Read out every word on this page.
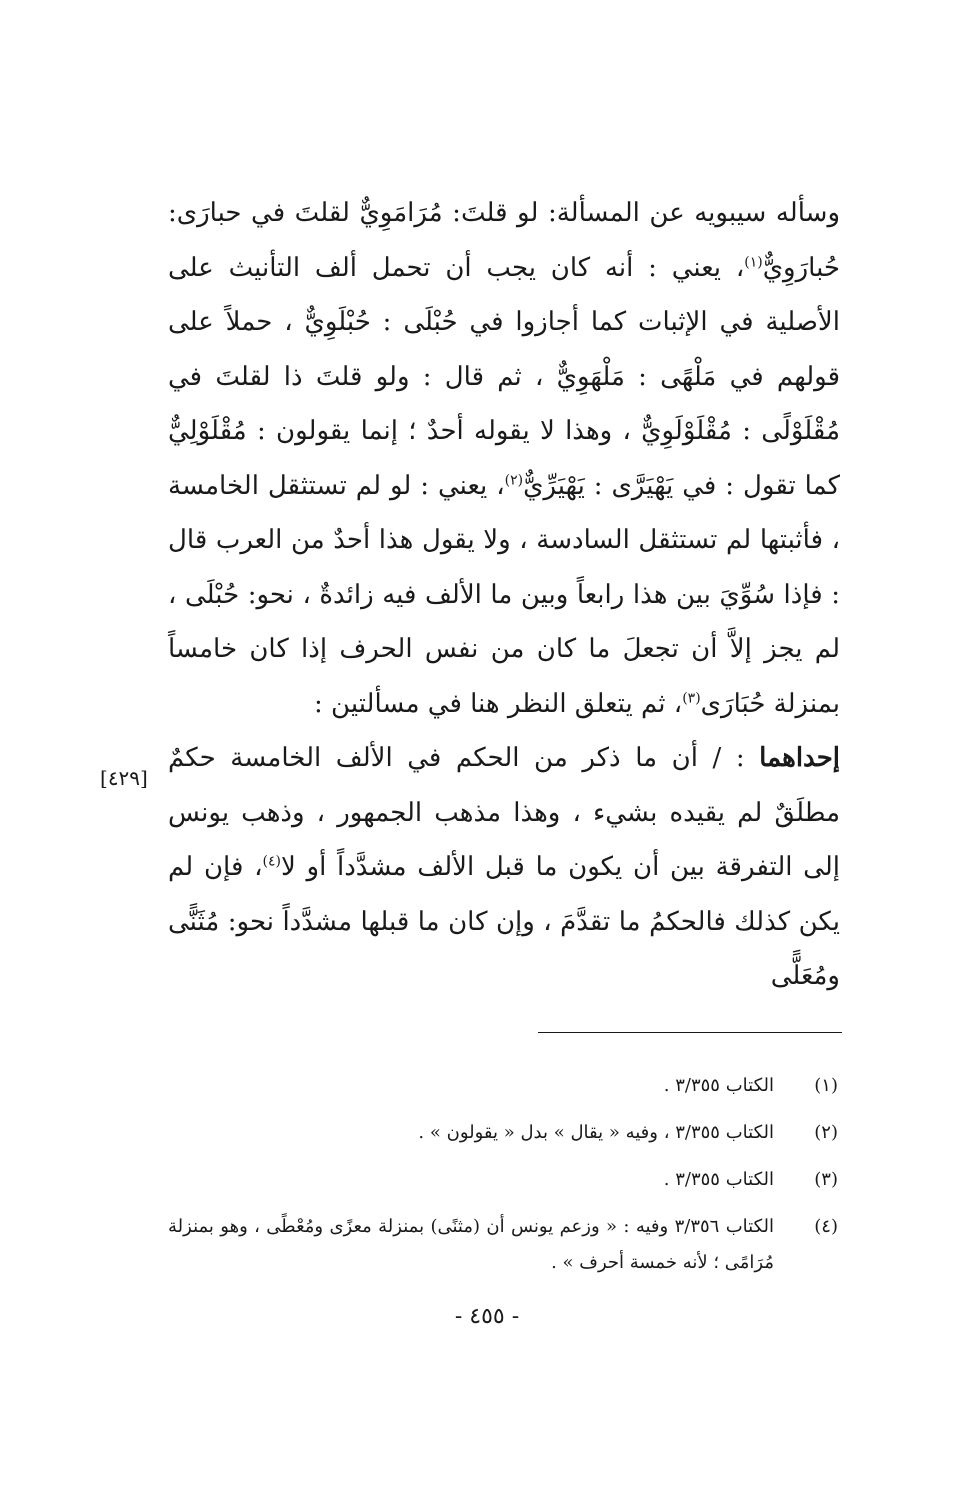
وسأله سيبويه عن المسألة: لو قلتَ: مُرَامَوِيٌّ لقلتَ في حبارَى: حُبارَوِيٌّ$^{(١)}$، يعني : أنه كان يجب أن تحمل ألف التأنيث على الأصلية في الإثبات كما أجازوا في حُبْلَى : حُبْلَوِيٌّ ، حملاً على قولهم في مَلْهًى : مَلْهَوِيٌّ ، ثم قال : ولو قلتَ ذا لقلتَ في مُقْلَوْلًى : مُقْلَوْلَوِيٌّ ، وهذا لا يقوله أحدٌ ؛ إنما يقولون : مُقْلَوْلِيٌّ كما تقول : في يَهْيَرَّى : يَهْيَرِّيٌّ$^{(٢)}$، يعني : لو لم تستثقل الخامسة ، فأثبتها لم تستثقل السادسة ، ولا يقول هذا أحدٌ من العرب قال : فإذا سُوِّيَ بين هذا رابعاً وبين ما الألف فيه زائدةٌ ، نحو: حُبْلَى ، لم يجز إلاَّ أن تجعلَ ما كان من نفس الحرف إذا كان خامساً بمنزلة حُبَارَى$^{(٣)}$، ثم يتعلق النظر هنا في مسألتين :

إحداهما : / أن ما ذكر من الحكم في الألف الخامسة حكمٌ مطلَقٌ لم يقيده بشيء ، وهذا مذهب الجمهور ، وذهب يونس إلى التفرقة بين أن يكون ما قبل الألف مشدَّداً أو لا$^{(٤)}$، فإن لم يكن كذلك فالحكمُ ما تقدَّمَ ، وإن كان ما قبلها مشدَّداً نحو: مُثَنًّى ومُعَلًّى

[٤٢٩]
(١)
الكتاب ٣/٣٥٥ .
(٢)
الكتاب ٣/٣٥٥ ، وفيه « يقال » بدل « يقولون » .
(٣)
الكتاب ٣/٣٥٥ .
(٤)
الكتاب ٣/٣٥٦ وفيه : « وزعم يونس أن (مثنًى) بمنزلة معزًى ومُعْطًى ، وهو بمنزلة مُرَامًى ؛ لأنه خمسة أحرف » .
- ٤٥٥ -
